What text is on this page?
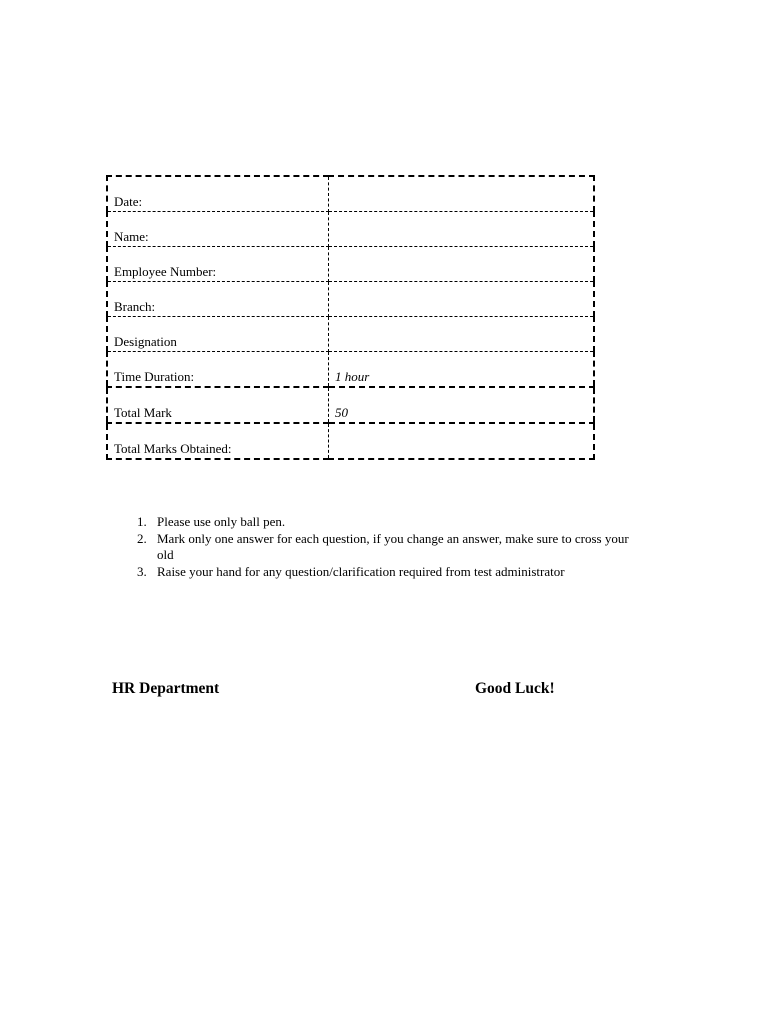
Date:	
Name:	
Employee Number:	
Branch:	
Designation	
Time Duration:	1 hour
Total Mark	50
Total Marks Obtained:	
1. Please use only ball pen.
2. Mark only one answer for each question, if you change an answer, make sure to cross your old
3. Raise your hand for any question/clarification required from test administrator
HR Department	Good Luck!
